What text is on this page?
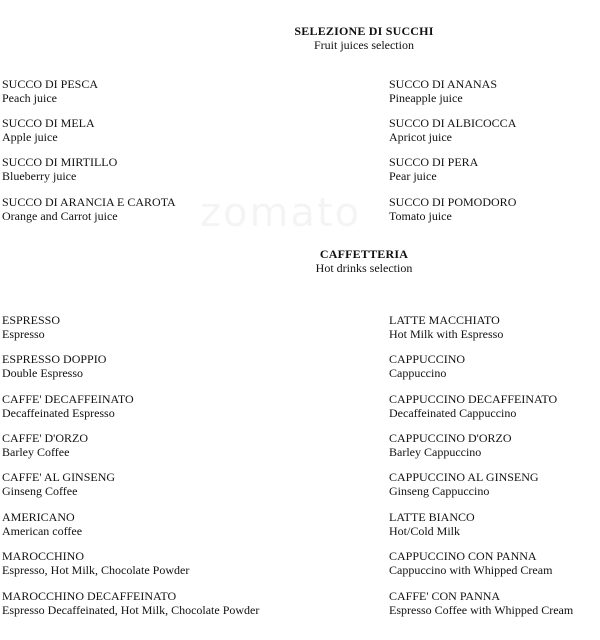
SELEZIONE DI SUCCHI
Fruit juices selection
SUCCO DI PESCA
Peach juice
SUCCO DI MELA
Apple juice
SUCCO DI MIRTILLO
Blueberry juice
SUCCO DI ARANCIA E CAROTA
Orange and Carrot juice
SUCCO DI ANANAS
Pineapple juice
SUCCO DI ALBICOCCA
Apricot juice
SUCCO DI PERA
Pear juice
SUCCO DI POMODORO
Tomato juice
CAFFETTERIA
Hot drinks selection
ESPRESSO
Espresso
ESPRESSO DOPPIO
Double Espresso
CAFFE' DECAFFEINATO
Decaffeinated Espresso
CAFFE' D'ORZO
Barley Coffee
CAFFE' AL GINSENG
Ginseng Coffee
AMERICANO
American coffee
MAROCCHINO
Espresso, Hot Milk, Chocolate Powder
MAROCCHINO DECAFFEINATO
Espresso Decaffeinated, Hot Milk, Chocolate Powder
LATTE MACCHIATO
Hot Milk with Espresso
CAPPUCCINO
Cappuccino
CAPPUCCINO DECAFFEINATO
Decaffeinated Cappuccino
CAPPUCCINO D'ORZO
Barley Cappuccino
CAPPUCCINO AL GINSENG
Ginseng Cappuccino
LATTE BIANCO
Hot/Cold Milk
CAPPUCCINO CON PANNA
Cappuccino with Whipped Cream
CAFFE' CON PANNA
Espresso Coffee with Whipped Cream
